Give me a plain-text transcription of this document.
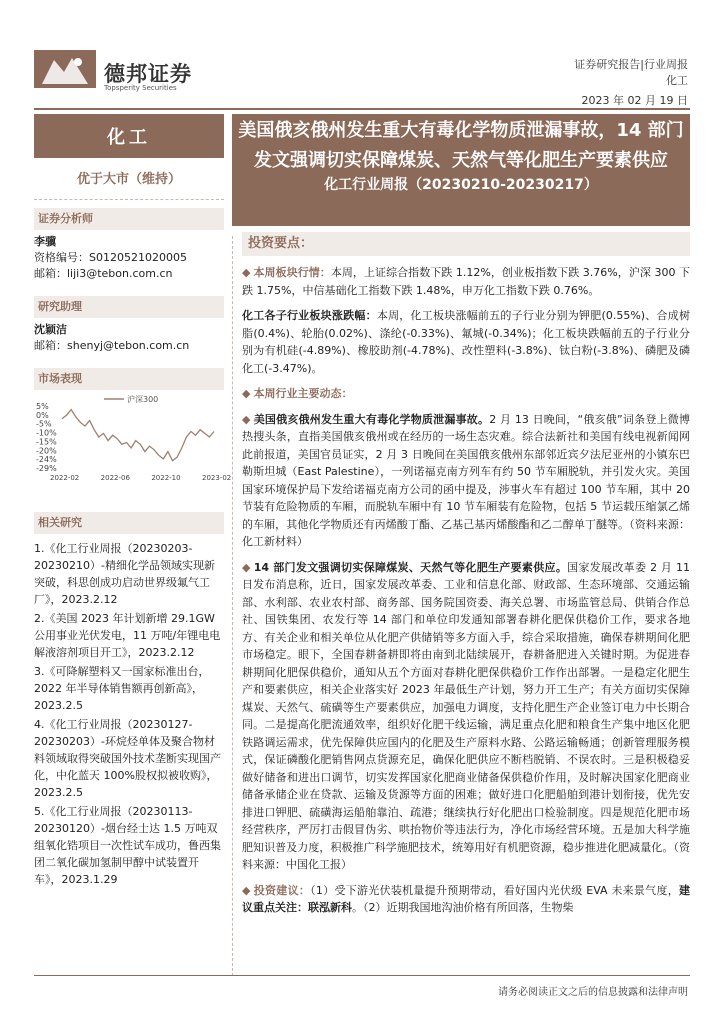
德邦证券
Topsperity Securities
证券研究报告|行业周报
化工
2023 年 02 月 19 日
化工
优于大市（维持）
证券分析师
李骥
资格编号：S0120521020005
邮箱：liji3@tebon.com.cn
研究助理
沈颖洁
邮箱：shenyj@tebon.com.cn
市场表现
5%
0%
-5%
-10%
-15%
-20%
-24%
-29%
2022-02	2022-06	2022-10	2023-02
沪深300
相关研究
1.《化工行业周报（20230203-20230210）-精细化学品领域实现新突破，科思创成功启动世界级氟气工厂》，2023.2.12
2.《美国 2023 年计划新增 29.1GW 公用事业光伏发电，11 万吨/年锂电电解液溶剂项目开工》，2023.2.12
3.《可降解塑料又一国家标准出台，2022 年半导体销售额再创新高》，2023.2.5
4.《化工行业周报（20230127-20230203）-环烷烃单体及聚合物材料领域取得突破国外技术垄断实现国产化，中化蓝天 100%股权拟被收购》，2023.2.5
5.《化工行业周报（20230113-20230120）-烟台经士达 1.5 万吨双组氧化锆项目一次性试车成功，鲁西集团二氧化碳加氢制甲醇中试装置开车》，2023.1.29
美国俄亥俄州发生重大有毒化学物质泄漏事故，14 部门发文强调切实保障煤炭、天然气等化肥生产要素供应
化工行业周报（20230210-20230217）
投资要点：

◆ 本周板块行情：本周，上证综合指数下跌 1.12%，创业板指数下跌 3.76%，沪深 300 下跌 1.75%，中信基础化工指数下跌 1.48%，申万化工指数下跌 0.76%。

化工各子行业板块涨跌幅：本周，化工板块涨幅前五的子行业分别为钾肥(0.55%)、合成树脂(0.4%)、轮胎(0.02%)、涤纶(-0.33%)、氟城(-0.34%)；化工板块跌幅前五的子行业分别为有机硅(-4.89%)、橡胶助剂(-4.78%)、改性塑料(-3.8%)、钛白粉(-3.8%)、磷肥及磷化工(-3.47%)。

◆ 本周行业主要动态：

◆ 美国俄亥俄州发生重大有毒化学物质泄漏事故。2 月 13 日晚间，“俄亥俄”词条登上微博热搜头条，直指美国俄亥俄州或在经历的一场生态灾难。综合法新社和美国有线电视新闻网此前报道，美国官员证实，2 月 3 日晚间在美国俄亥俄州东部邻近宾夕法尼亚州的小镇东巴勒斯坦城（East Palestine），一列诺福克南方列车有约 50 节车厢脱轨，并引发火灾。美国国家环境保护局下发给诺福克南方公司的函中提及，涉事火车有超过 100 节车厢，其中 20 节装有危险物质的车厢，而脱轨车厢中有 10 节车厢装有危险物，包括 5 节运载压缩氯乙烯的车厢，其他化学物质还有丙烯酸丁酯、乙基己基丙烯酸酯和乙二醇单丁醚等。（资料来源：化工新材料）

◆ 14 部门发文强调切实保障煤炭、天然气等化肥生产要素供应。国家发展改革委 2 月 11 日发布消息称，近日，国家发展改革委、工业和信息化部、财政部、生态环境部、交通运输部、水利部、农业农村部、商务部、国务院国资委、海关总署、市场监管总局、供销合作总社、国铁集团、农发行等 14 部门和单位印发通知部署春耕化肥保供稳价工作，要求各地方、有关企业和相关单位从化肥产供储销等多方面入手，综合采取措施，确保春耕期间化肥市场稳定。眼下，全国春耕备耕即将由南到北陆续展开，春耕备肥进入关键时期。为促进春耕期间化肥保供稳价，通知从五个方面对春耕化肥保供稳价工作作出部署。一是稳定化肥生产和要素供应，相关企业落实好 2023 年最低生产计划，努力开工生产；有关方面切实保障煤炭、天然气、硫磺等生产要素供应，加强电力调度，支持化肥生产企业签订电力中长期合同。二是提高化肥流通效率，组织好化肥干线运输，满足重点化肥和粮食生产集中地区化肥铁路调运需求，优先保障供应国内的化肥及生产原料水路、公路运输畅通；创新管理服务模式，保证磷酸化肥销售网点货源充足，确保化肥供应不断档脱销、不误农时。三是积极稳妥做好储备和进出口调节，切实发挥国家化肥商业储备保供稳价作用，及时解决国家化肥商业储备承储企业在贷款、运输及货源等方面的困难；做好进口化肥船舶到港计划衔接，优先安排进口钾肥、硫磺海运船舶靠泊、疏港；继续执行好化肥出口检验制度。四是规范化肥市场经营秩序，严厉打击假冒伪劣、哄抬物价等违法行为，净化市场经营环境。五是加大科学施肥知识普及力度，积极推广科学施肥技术，统筹用好有机肥资源，稳步推进化肥减量化。（资料来源：中国化工报）

◆ 投资建议：（1）受下游光伏装机量提升预期带动，看好国内光伏级 EVA 未来景气度，建议重点关注：联泓新科。（2）近期我国地沟油价格有所回落，生物柴

请务必阅读正文之后的信息披露和法律声明
